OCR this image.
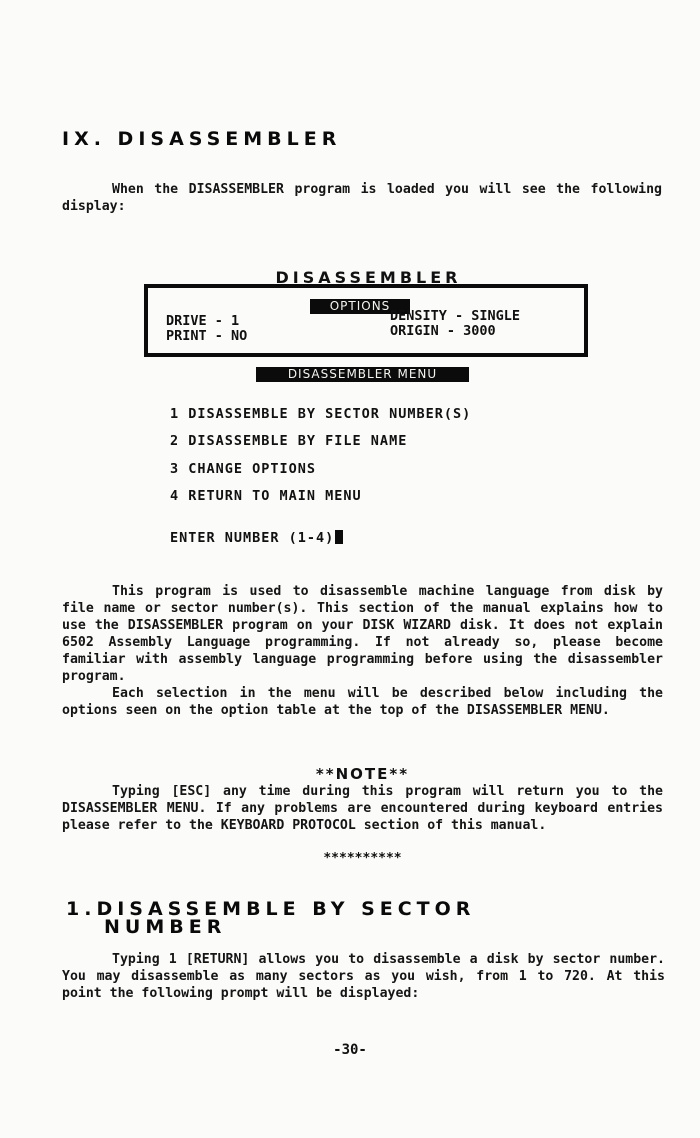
IX. DISASSEMBLER

When the DISASSEMBLER program is loaded you will see the following display:

DISASSEMBLER
OPTIONS
DRIVE - 1
PRINT - NO
DENSITY - SINGLE
ORIGIN - 3000
DISASSEMBLER MENU
1 DISASSEMBLE BY SECTOR NUMBER(S)
2 DISASSEMBLE BY FILE NAME
3 CHANGE OPTIONS
4 RETURN TO MAIN MENU
ENTER NUMBER (1-4)

This program is used to disassemble machine language from disk by file name or sector number(s). This section of the manual explains how to use the DISASSEMBLER program on your DISK WIZARD disk. It does not explain 6502 Assembly Language programming. If not already so, please become familiar with assembly language programming before using the disassembler program.

Each selection in the menu will be described below including the options seen on the option table at the top of the DISASSEMBLER MENU.

**NOTE**

Typing [ESC] any time during this program will return you to the DISASSEMBLER MENU. If any problems are encountered during keyboard entries please refer to the KEYBOARD PROTOCOL section of this manual.

**********
1.DISASSEMBLE BY SECTOR
NUMBER

Typing 1 [RETURN] allows you to disassemble a disk by sector number. You may disassemble as many sectors as you wish, from 1 to 720. At this point the following prompt will be displayed:

-30-
